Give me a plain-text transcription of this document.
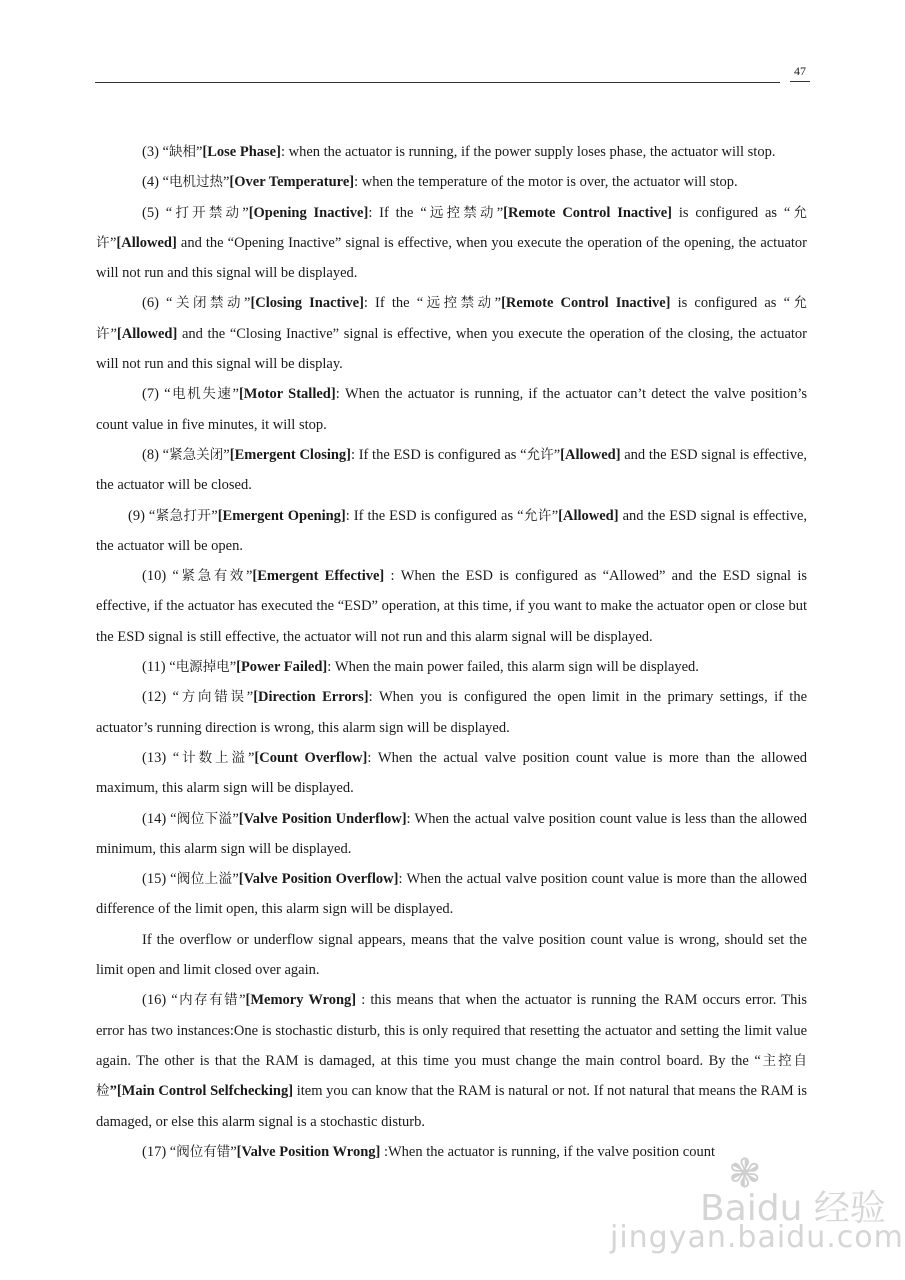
47

(3) “缺相”[Lose Phase]: when the actuator is running, if the power supply loses phase, the actuator will stop.

(4) “电机过热”[Over Temperature]: when the temperature of the motor is over, the actuator will stop.

(5) “打开禁动”[Opening Inactive]: If the “远控禁动”[Remote Control Inactive] is configured as “允许”[Allowed] and the “Opening Inactive” signal is effective, when you execute the operation of the opening, the actuator will not run and this signal will be displayed.

(6) “关闭禁动”[Closing Inactive]: If the “远控禁动”[Remote Control Inactive] is configured as “允许”[Allowed] and the “Closing Inactive” signal is effective, when you execute the operation of the closing, the actuator will not run and this signal will be display.

(7) “电机失速”[Motor Stalled]: When the actuator is running, if the actuator can’t detect the valve position’s count value in five minutes, it will stop.

(8) “紧急关闭”[Emergent Closing]: If the ESD is configured as “允许”[Allowed] and the ESD signal is effective, the actuator will be closed.

(9) “紧急打开”[Emergent Opening]: If the ESD is configured as “允许”[Allowed] and the ESD signal is effective, the actuator will be open.

(10) “紧急有效”[Emergent Effective] : When the ESD is configured as “Allowed” and the ESD signal is effective, if the actuator has executed the “ESD” operation, at this time, if you want to make the actuator open or close but the ESD signal is still effective, the actuator will not run and this alarm signal will be displayed.

(11) “电源掉电”[Power Failed]: When the main power failed, this alarm sign will be displayed.

(12) “方向错误”[Direction Errors]: When you is configured the open limit in the primary settings, if the actuator’s running direction is wrong, this alarm sign will be displayed.

(13) “计数上溢”[Count Overflow]: When the actual valve position count value is more than the allowed maximum, this alarm sign will be displayed.

(14) “阀位下溢”[Valve Position Underflow]: When the actual valve position count value is less than the allowed minimum, this alarm sign will be displayed.

(15) “阀位上溢”[Valve Position Overflow]: When the actual valve position count value is more than the allowed difference of the limit open, this alarm sign will be displayed.

If the overflow or underflow signal appears, means that the valve position count value is wrong, should set the limit open and limit closed over again.

(16) “内存有错”[Memory Wrong] : this means that when the actuator is running the RAM occurs error. This error has two instances:One is stochastic disturb, this is only required that resetting the actuator and setting the limit value again. The other is that the RAM is damaged, at this time you must change the main control board. By the “主控自检”[Main Control Selfchecking] item you can know that the RAM is natural or not. If not natural that means the RAM is damaged, or else this alarm signal is a stochastic disturb.

(17) “阀位有错”[Valve Position Wrong] :When the actuator is running, if the valve position count ❃
Baidu 经验
jingyan.baidu.com
